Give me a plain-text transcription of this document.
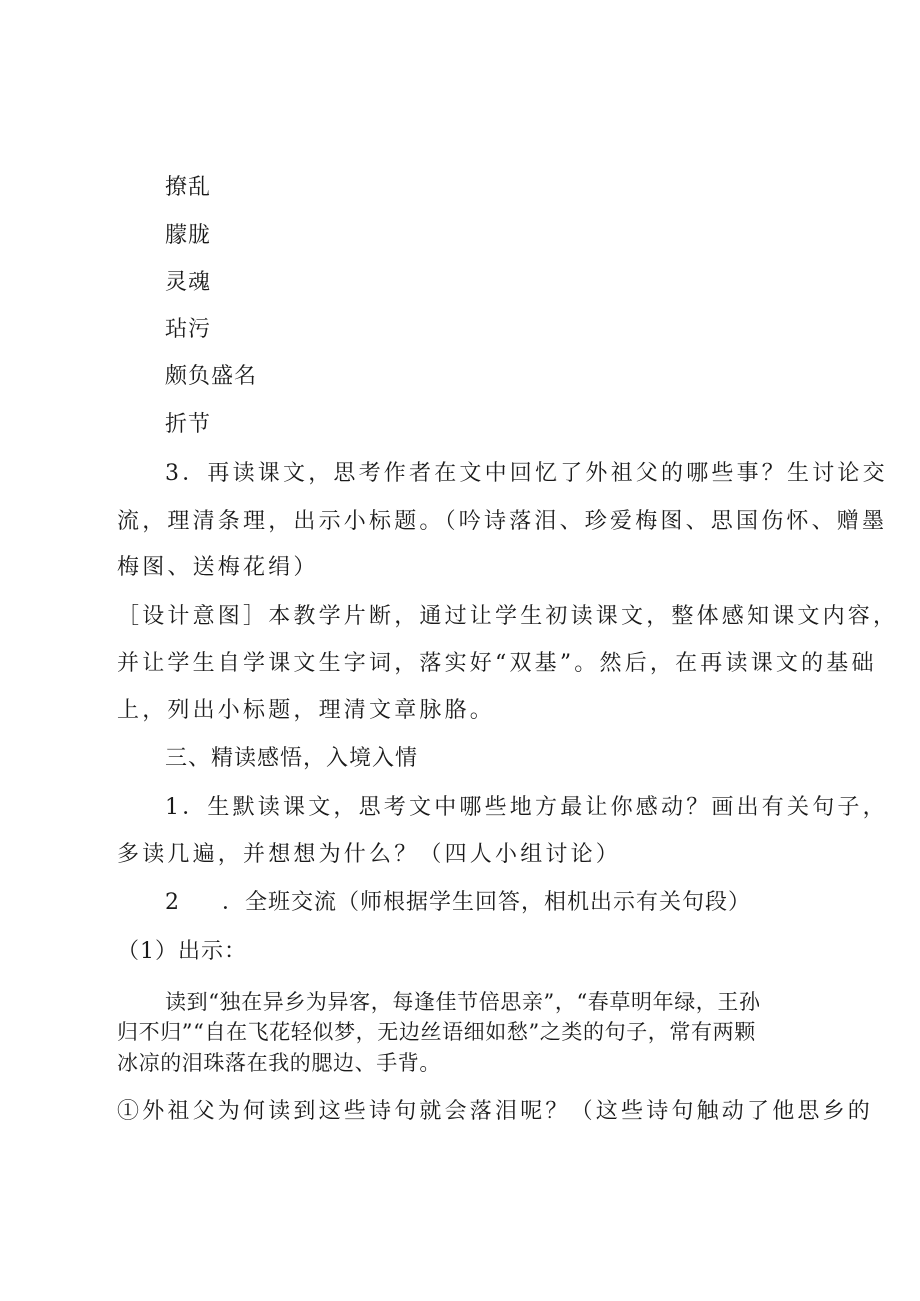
撩乱
朦胧
灵魂
玷污
颇负盛名
折节
3．再读课文，思考作者在文中回忆了外祖父的哪些事？生讨论交
流，理清条理，出示小标题。（吟诗落泪、珍爱梅图、思国伤怀、赠墨
梅图、送梅花绢）
［设计意图］本教学片断，通过让学生初读课文，整体感知课文内容，
并让学生自学课文生字词，落实好“双基”。然后，在再读课文的基础
上，列出小标题，理清文章脉胳。
三、精读感悟，入境入情
1．生默读课文，思考文中哪些地方最让你感动？画出有关句子，
多读几遍，并想想为什么？（四人小组讨论）
2 ．全班交流（师根据学生回答，相机出示有关句段）
（1）出示：
读到“独在异乡为异客，每逢佳节倍思亲”，“春草明年绿，王孙
归不归”“自在飞花轻似梦，无边丝语细如愁”之类的句子，常有两颗
冰凉的泪珠落在我的腮边、手背。
①外祖父为何读到这些诗句就会落泪呢？（这些诗句触动了他思乡的
